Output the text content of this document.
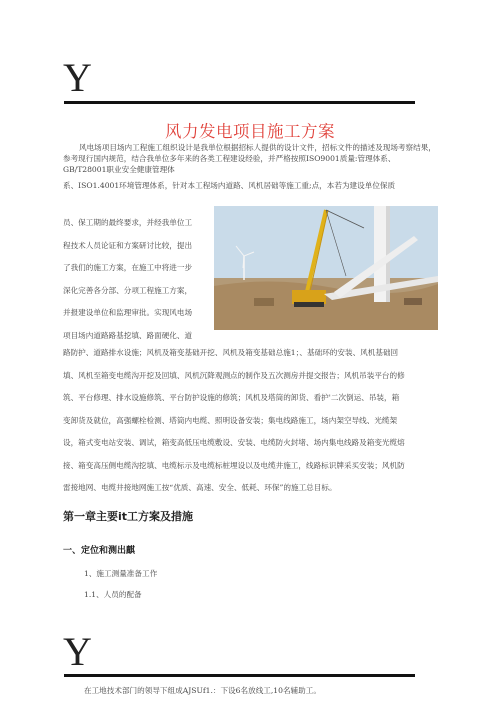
Y
风力发电项目施工方案

风电场项目场内工程施工组织设计是我単位根据招标人提供的设计文件，招标文件的描述及现场考察结果，参考现行国内规范，结合我单位多年来的各类工程建设经验，并严格按照ISO9001质量:管理体系、GB/T28001职业安全健康管理体

系、ISO1.4001环境管理体系，针对本工程场内道路、风机居础等施工重;点，本若为建设单位保质

员、保工期的最终要求，并经我单位工
程技术人员论证和方案研讨比较，提出
了我们的施工方案，在施工中将进一步
深化完善各分部、分项工程施工方案，
并报建设单位和监理审批。实现风电场
项目场内道路路基挖填、路面硬化、道
路防护、道路排水设施；风机及箱变基础开挖、风机及箱变基础总施1；、基础环的安装、风机基础回
填、风机至箱变电缆沟开挖及回填、风机沉降观测点的制作及五次测房并提交报告；风机吊装平台的修
筑、平台修理、排水设施修筑、平台防护设施的修筑；风机及塔筒的卸货、看护'二次倒运、吊装，箱
变卸货及就位，高强螺栓检测、塔筒内电缆、照明设备安装；集电线路施工，场内架空导线、光缆架
设，箱式变电站安装、调试，箱变高低压电缆敷设、安装、电缆防火封堵、场内集电线路及箱变光缆熔
接、箱变高压侧电缆沟挖填、电缆标示及电缆标桩埋设以及电缆井施工，线路标识牌采买安装；风机防
雷接地网、电缆井接地网施工按“优质、高速、安全、低耗、环保”的施工总目标。
第一章主要it工方案及措施
一、定位和测出麒
1、施工测量准备工作
1.1、人员的配备
Y
在工地技术部门的领导下组成AJSUf1.：下设6名放线工,10名辅助工。
